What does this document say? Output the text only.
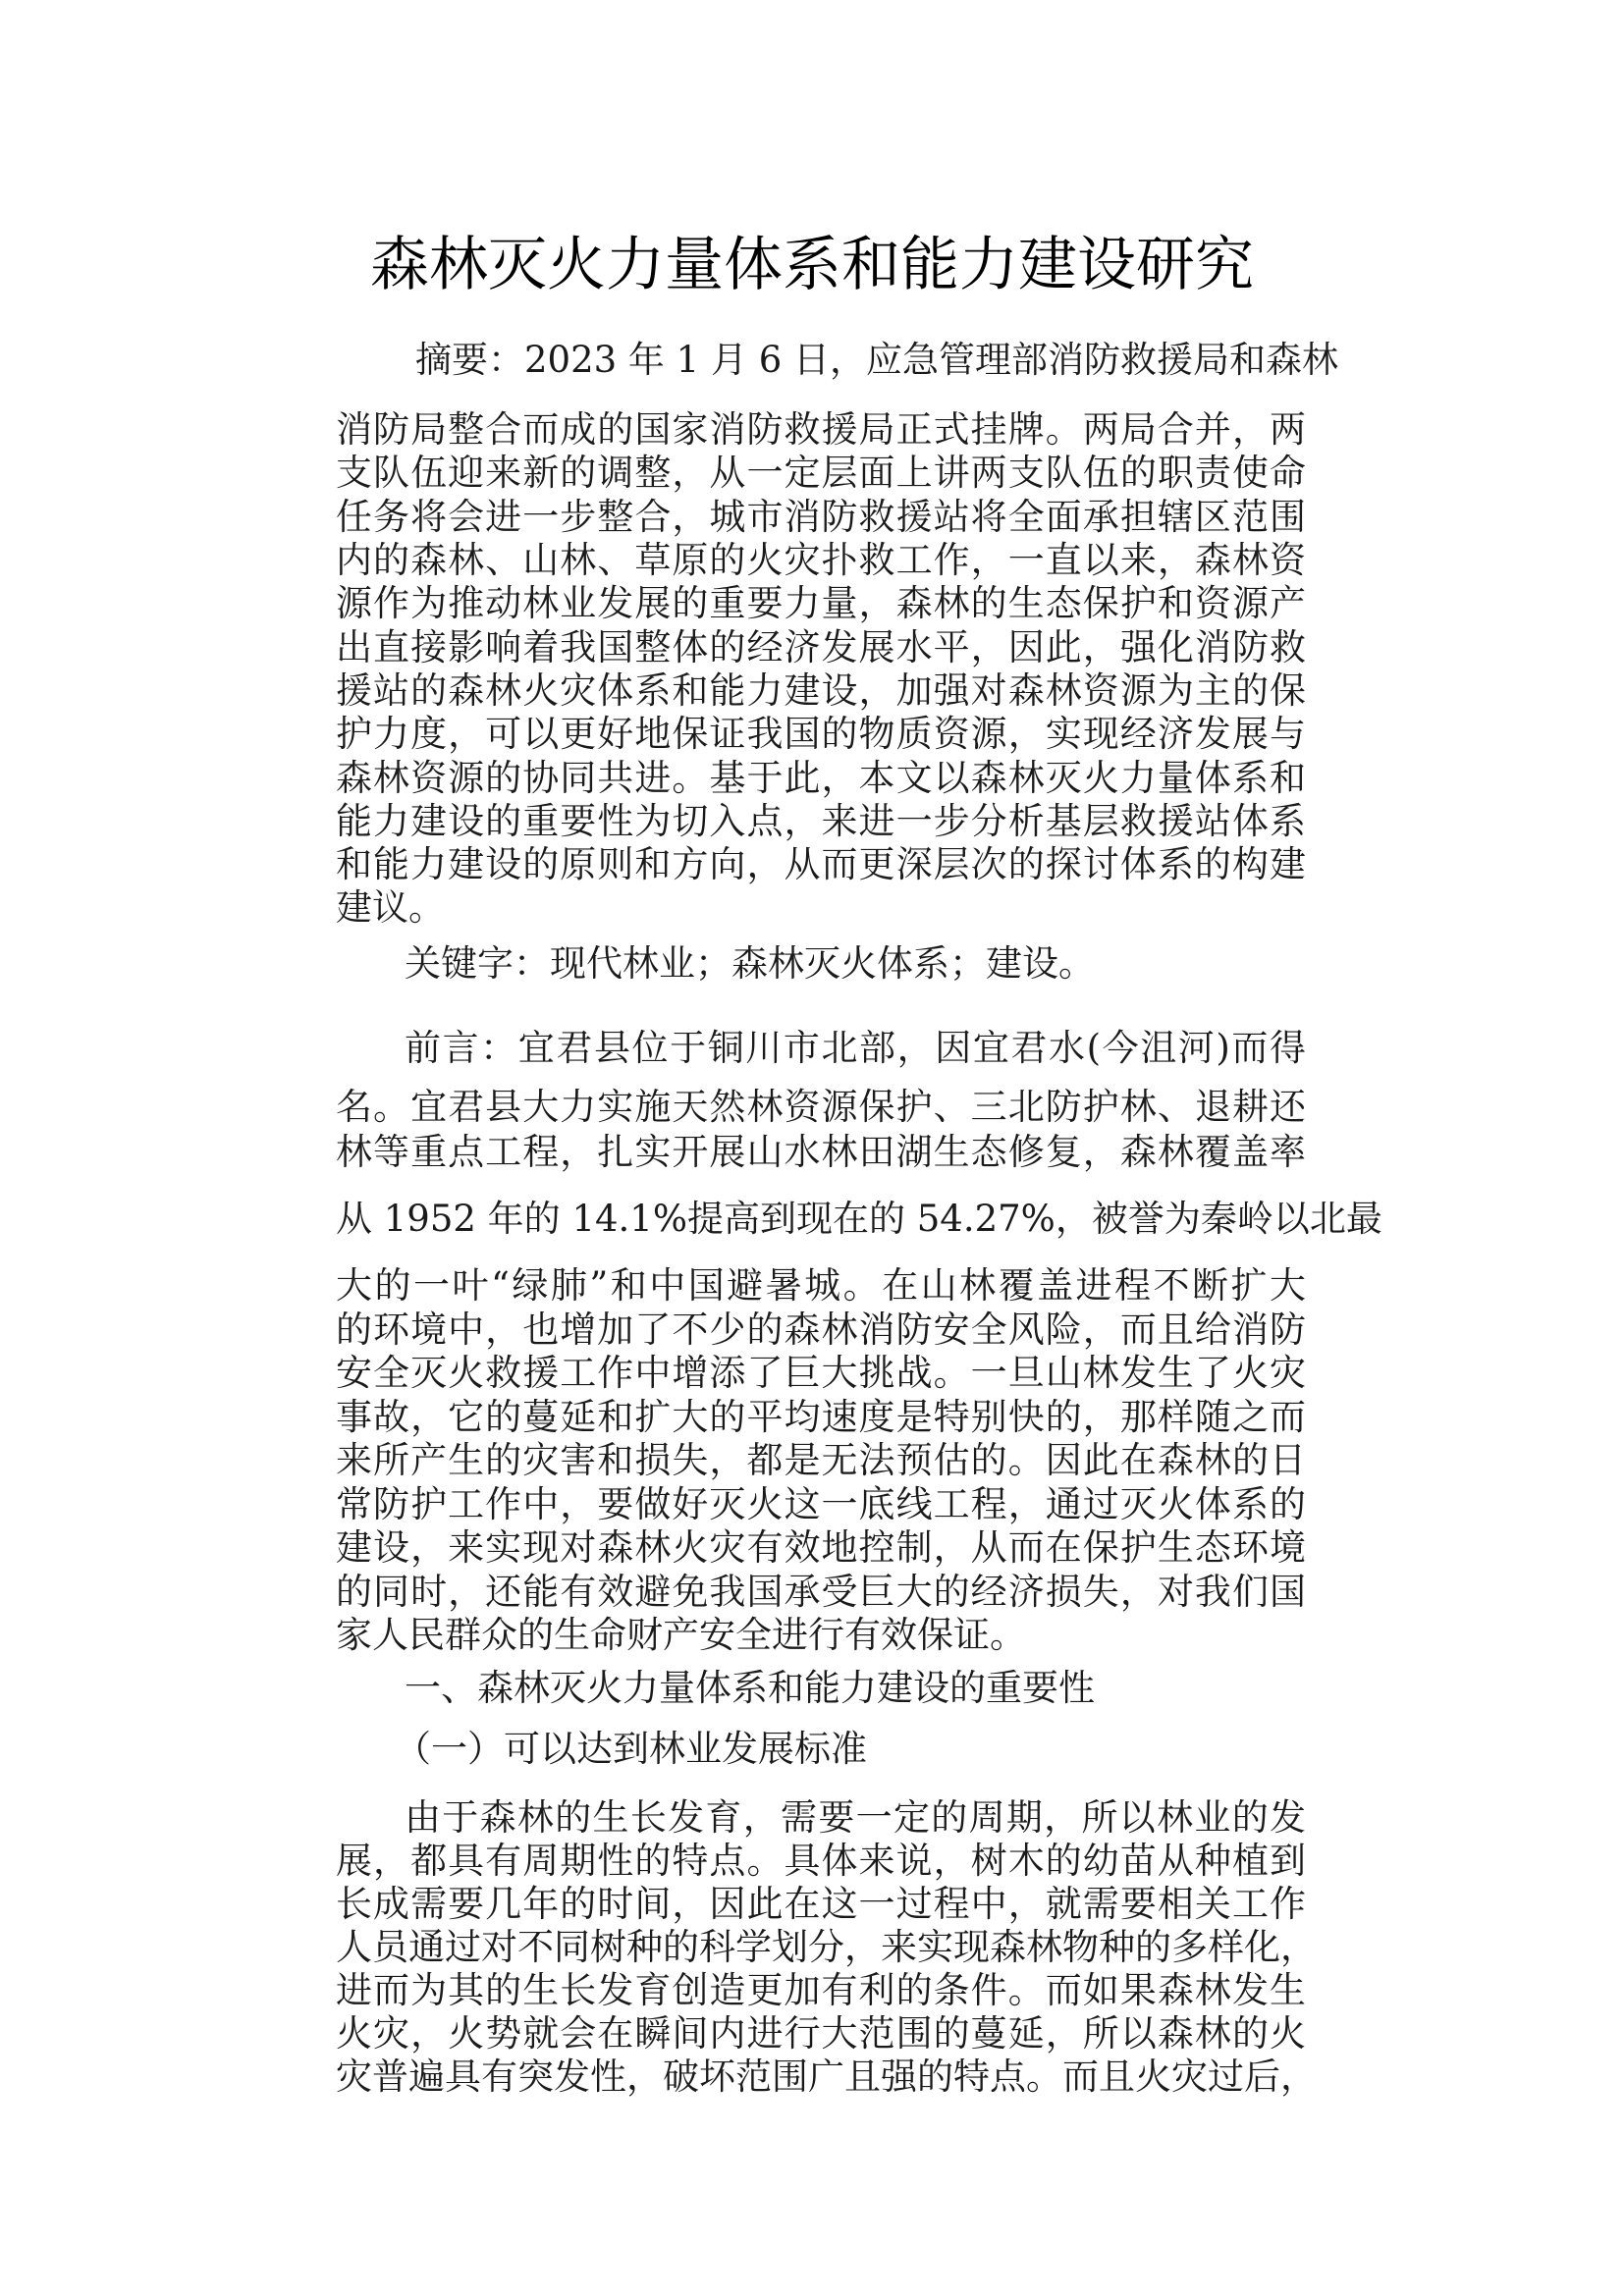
森林灭火力量体系和能力建设研究
摘要：2023 年 1 月 6 日，应急管理部消防救援局和森林
消防局整合而成的国家消防救援局正式挂牌。两局合并，两
支队伍迎来新的调整，从一定层面上讲两支队伍的职责使命
任务将会进一步整合，城市消防救援站将全面承担辖区范围
内的森林、山林、草原的火灾扑救工作，一直以来，森林资
源作为推动林业发展的重要力量，森林的生态保护和资源产
出直接影响着我国整体的经济发展水平，因此，强化消防救
援站的森林火灾体系和能力建设，加强对森林资源为主的保
护力度，可以更好地保证我国的物质资源，实现经济发展与
森林资源的协同共进。基于此，本文以森林灭火力量体系和
能力建设的重要性为切入点，来进一步分析基层救援站体系
和能力建设的原则和方向，从而更深层次的探讨体系的构建
建议。
关键字：现代林业；森林灭火体系；建设。
前言：宜君县位于铜川市北部，因宜君水(今沮河)而得
名。宜君县大力实施天然林资源保护、三北防护林、退耕还
林等重点工程，扎实开展山水林田湖生态修复，森林覆盖率
从 1952 年的 14.1%提高到现在的 54.27%，被誉为秦岭以北最
大的一叶“绿肺”和中国避暑城。在山林覆盖进程不断扩大
的环境中，也增加了不少的森林消防安全风险，而且给消防
安全灭火救援工作中增添了巨大挑战。一旦山林发生了火灾
事故，它的蔓延和扩大的平均速度是特别快的，那样随之而
来所产生的灾害和损失，都是无法预估的。因此在森林的日
常防护工作中，要做好灭火这一底线工程，通过灭火体系的
建设，来实现对森林火灾有效地控制，从而在保护生态环境
的同时，还能有效避免我国承受巨大的经济损失，对我们国
家人民群众的生命财产安全进行有效保证。
一、森林灭火力量体系和能力建设的重要性
（一）可以达到林业发展标准
由于森林的生长发育，需要一定的周期，所以林业的发
展，都具有周期性的特点。具体来说，树木的幼苗从种植到
长成需要几年的时间，因此在这一过程中，就需要相关工作
人员通过对不同树种的科学划分，来实现森林物种的多样化，
进而为其的生长发育创造更加有利的条件。而如果森林发生
火灾，火势就会在瞬间内进行大范围的蔓延，所以森林的火
灾普遍具有突发性，破坏范围广且强的特点。而且火灾过后，
